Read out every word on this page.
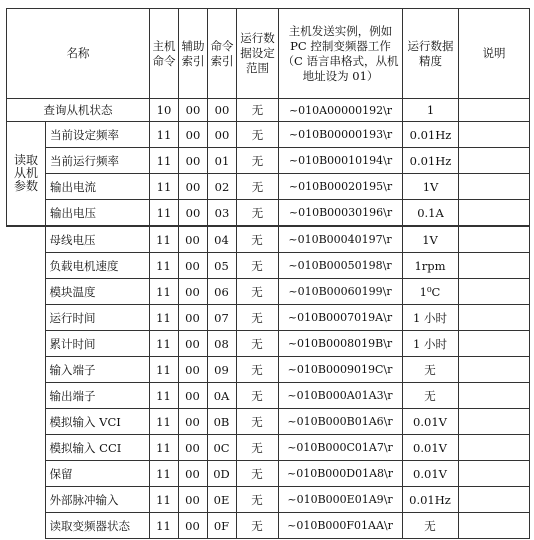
名称		主机命令	辅助索引	命令索引	运行数据设定范围	主机发送实例，例如 PC 控制变频器工作（C 语言串格式，从机地址设为 01）	运行数据精度	说明
查询从机状态		10	00	00	无	~010A00000192\r	1	
读取从机参数	当前设定频率	11	00	00	无	~010B00000193\r	0.01Hz	
	当前运行频率	11	00	01	无	~010B00010194\r	0.01Hz	
	输出电流	11	00	02	无	~010B00020195\r	1V	
	输出电压	11	00	03	无	~010B00030196\r	0.1A	
	母线电压	11	00	04	无	~010B00040197\r	1V	
	负载电机速度	11	00	05	无	~010B00050198\r	1rpm	
	模块温度	11	00	06	无	~010B00060199\r	1⁰C	
	运行时间	11	00	07	无	~010B0007019A\r	1 小时	
	累计时间	11	00	08	无	~010B0008019B\r	1 小时	
	输入端子	11	00	09	无	~010B0009019C\r	无	
	输出端子	11	00	0A	无	~010B000A01A3\r	无	
	模拟输入 VCI	11	00	0B	无	~010B000B01A6\r	0.01V	
	模拟输入 CCI	11	00	0C	无	~010B000C01A7\r	0.01V	
	保留	11	00	0D	无	~010B000D01A8\r	0.01V	
	外部脉冲输入	11	00	0E	无	~010B000E01A9\r	0.01Hz	
	读取变频器状态	11	00	0F	无	~010B000F01AA\r	无	
